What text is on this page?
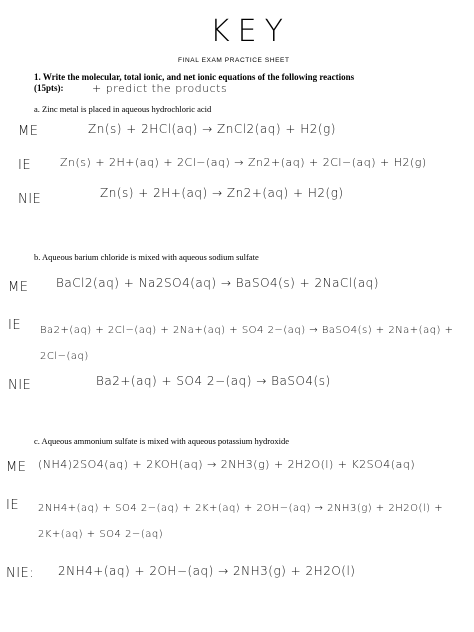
KEY
FINAL EXAM PRACTICE SHEET
1. Write the molecular, total ionic, and net ionic equations of the following reactions
(15pts):	+ predict the products
a. Zinc metal is placed in aqueous hydrochloric acid
ME	Zn(s) + 2HCl(aq) → ZnCl2(aq) + H2(g)
IE	Zn(s) + 2H+(aq) + 2Cl−(aq) → Zn2+(aq) + 2Cl−(aq) + H2(g)
NIE	Zn(s) + 2H+(aq) → Zn2+(aq) + H2(g)
b. Aqueous barium chloride is mixed with aqueous sodium sulfate
ME BaCl2(aq) + Na2SO4(aq) → BaSO4(s) + 2NaCl(aq)
IE Ba2+(aq) + 2Cl−(aq) + 2Na+(aq) + SO4 2−(aq) → BaSO4(s) + 2Na+(aq) + 2Cl−(aq)
NIE	Ba2+(aq) + SO4 2−(aq) → BaSO4(s)
c. Aqueous ammonium sulfate is mixed with aqueous potassium hydroxide
ME (NH4)2SO4(aq) + 2KOH(aq) → 2NH3(g) + 2H2O(l) + K2SO4(aq)
IE 2NH4+(aq) + SO4 2−(aq) + 2K+(aq) + 2OH−(aq) → 2NH3(g) + 2H2O(l) + 2K+(aq) + SO4 2−(aq)
NIE: 2NH4+(aq) + 2OH−(aq) → 2NH3(g) + 2H2O(l)
